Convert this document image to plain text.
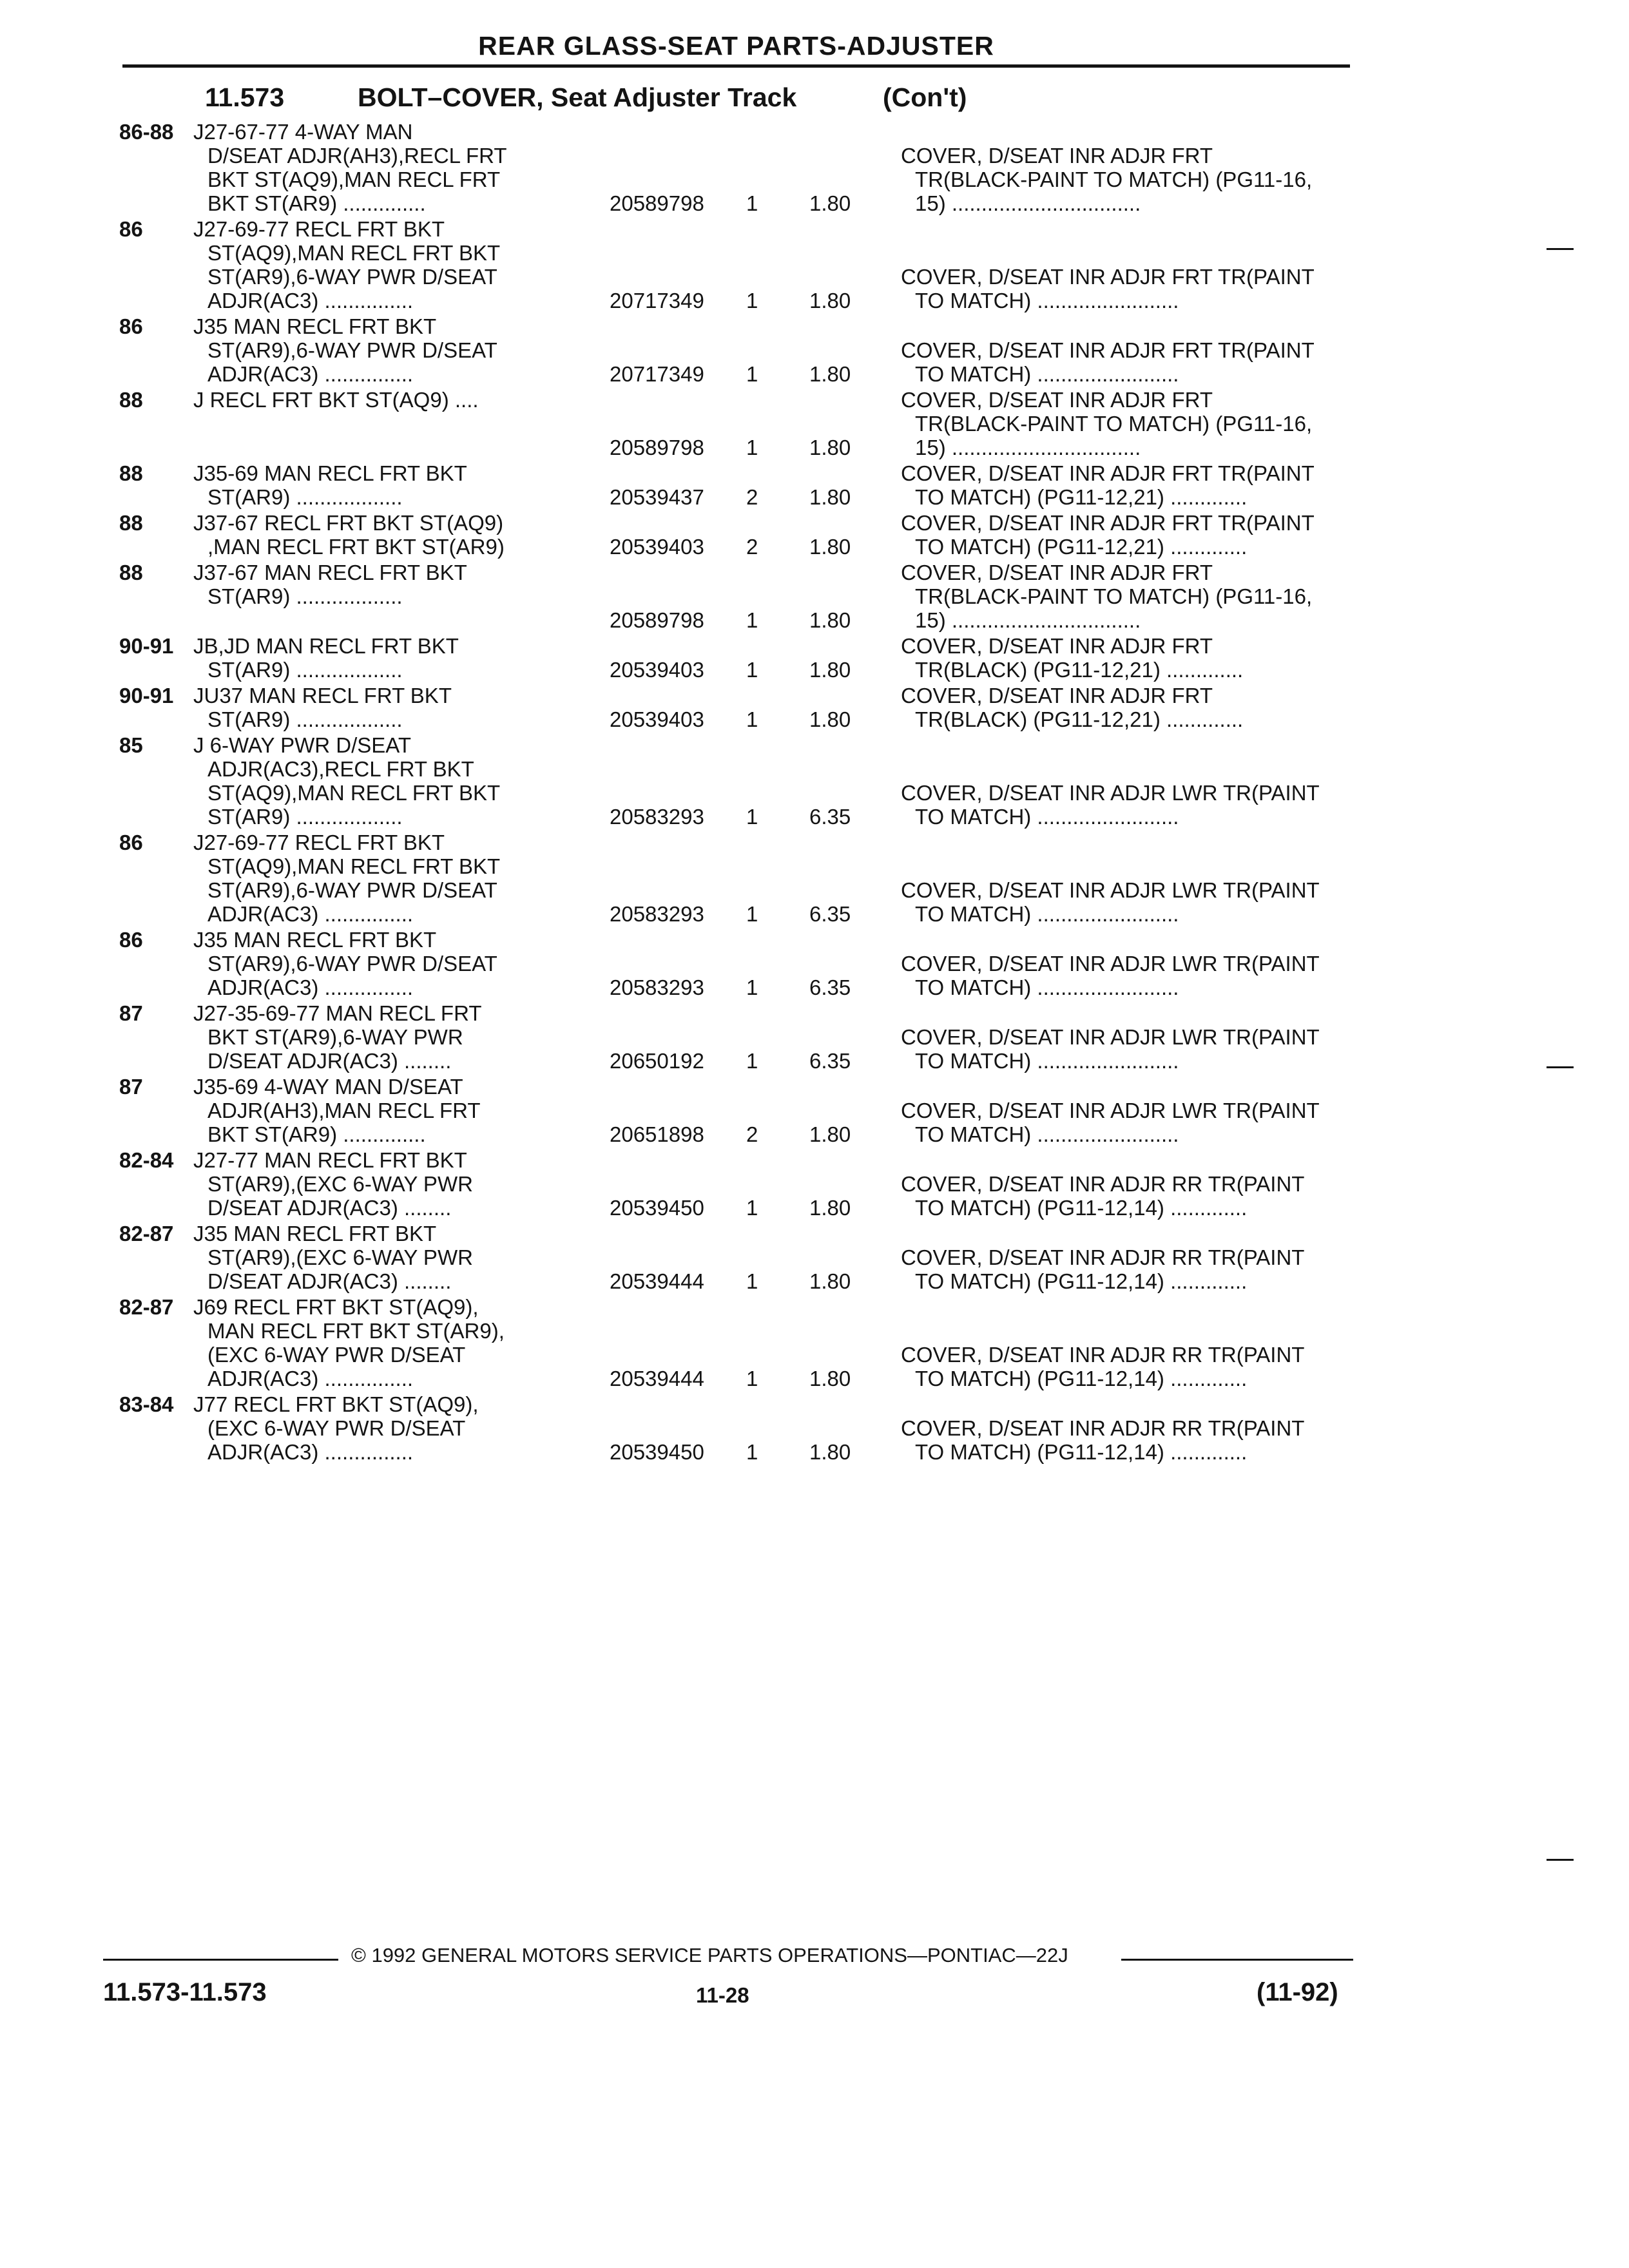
REAR GLASS-SEAT PARTS-ADJUSTER
11.573	BOLT–COVER, Seat Adjuster Track	(Con't)
86-88 J27-67-77 4-WAY MAN
D/SEAT ADJR(AH3),RECL FRT
BKT ST(AQ9),MAN RECL FRT
BKT ST(AR9) ..............	20589798	1	1.80
COVER, D/SEAT INR ADJR FRT
TR(BLACK-PAINT TO MATCH) (PG11-16,
15) ................................
86	J27-69-77 RECL FRT BKT
ST(AQ9),MAN RECL FRT BKT
ST(AR9),6-WAY PWR D/SEAT
ADJR(AC3) ...............	20717349	1	1.80
COVER, D/SEAT INR ADJR FRT TR(PAINT
TO MATCH) ........................
86	J35 MAN RECL FRT BKT
ST(AR9),6-WAY PWR D/SEAT
ADJR(AC3) ...............	20717349	1	1.80
COVER, D/SEAT INR ADJR FRT TR(PAINT
TO MATCH) ........................
88	J RECL FRT BKT ST(AQ9) ....
20589798	1	1.80
COVER, D/SEAT INR ADJR FRT
TR(BLACK-PAINT TO MATCH) (PG11-16,
15) ................................
88	J35-69 MAN RECL FRT BKT
ST(AR9) ..................	20539437	2	1.80
COVER, D/SEAT INR ADJR FRT TR(PAINT
TO MATCH) (PG11-12,21) .............
88	J37-67 RECL FRT BKT ST(AQ9)
,MAN RECL FRT BKT ST(AR9)	20539403	2	1.80
COVER, D/SEAT INR ADJR FRT TR(PAINT
TO MATCH) (PG11-12,21) .............
88	J37-67 MAN RECL FRT BKT
ST(AR9) ..................
20589798	1	1.80
COVER, D/SEAT INR ADJR FRT
TR(BLACK-PAINT TO MATCH) (PG11-16,
15) ................................
90-91 JB,JD MAN RECL FRT BKT
ST(AR9) ..................	20539403	1	1.80
COVER, D/SEAT INR ADJR FRT
TR(BLACK) (PG11-12,21) .............
90-91 JU37 MAN RECL FRT BKT
ST(AR9) ..................	20539403	1	1.80
COVER, D/SEAT INR ADJR FRT
TR(BLACK) (PG11-12,21) .............
85	J 6-WAY PWR D/SEAT
ADJR(AC3),RECL FRT BKT
ST(AQ9),MAN RECL FRT BKT
ST(AR9) ..................	20583293	1	6.35
COVER, D/SEAT INR ADJR LWR TR(PAINT
TO MATCH) ........................
86	J27-69-77 RECL FRT BKT
ST(AQ9),MAN RECL FRT BKT
ST(AR9),6-WAY PWR D/SEAT
ADJR(AC3) ...............	20583293	1	6.35
COVER, D/SEAT INR ADJR LWR TR(PAINT
TO MATCH) ........................
86	J35 MAN RECL FRT BKT
ST(AR9),6-WAY PWR D/SEAT
ADJR(AC3) ...............	20583293	1	6.35
COVER, D/SEAT INR ADJR LWR TR(PAINT
TO MATCH) ........................
87	J27-35-69-77 MAN RECL FRT
BKT ST(AR9),6-WAY PWR
D/SEAT ADJR(AC3) ........	20650192	1	6.35
COVER, D/SEAT INR ADJR LWR TR(PAINT
TO MATCH) ........................
87	J35-69 4-WAY MAN D/SEAT
ADJR(AH3),MAN RECL FRT
BKT ST(AR9) ..............	20651898	2	1.80
COVER, D/SEAT INR ADJR LWR TR(PAINT
TO MATCH) ........................
82-84 J27-77 MAN RECL FRT BKT
ST(AR9),(EXC 6-WAY PWR
D/SEAT ADJR(AC3) ........	20539450	1	1.80
COVER, D/SEAT INR ADJR RR TR(PAINT
TO MATCH) (PG11-12,14) .............
82-87 J35 MAN RECL FRT BKT
ST(AR9),(EXC 6-WAY PWR
D/SEAT ADJR(AC3) ........	20539444	1	1.80
COVER, D/SEAT INR ADJR RR TR(PAINT
TO MATCH) (PG11-12,14) .............
82-87 J69 RECL FRT BKT ST(AQ9),
MAN RECL FRT BKT ST(AR9),
(EXC 6-WAY PWR D/SEAT
ADJR(AC3) ...............	20539444	1	1.80
COVER, D/SEAT INR ADJR RR TR(PAINT
TO MATCH) (PG11-12,14) .............
83-84 J77 RECL FRT BKT ST(AQ9),
(EXC 6-WAY PWR D/SEAT
ADJR(AC3) ...............	20539450	1	1.80
COVER, D/SEAT INR ADJR RR TR(PAINT
TO MATCH) (PG11-12,14) .............
© 1992 GENERAL MOTORS SERVICE PARTS OPERATIONS—PONTIAC—22J
11.573-11.573	11-28	(11-92)
